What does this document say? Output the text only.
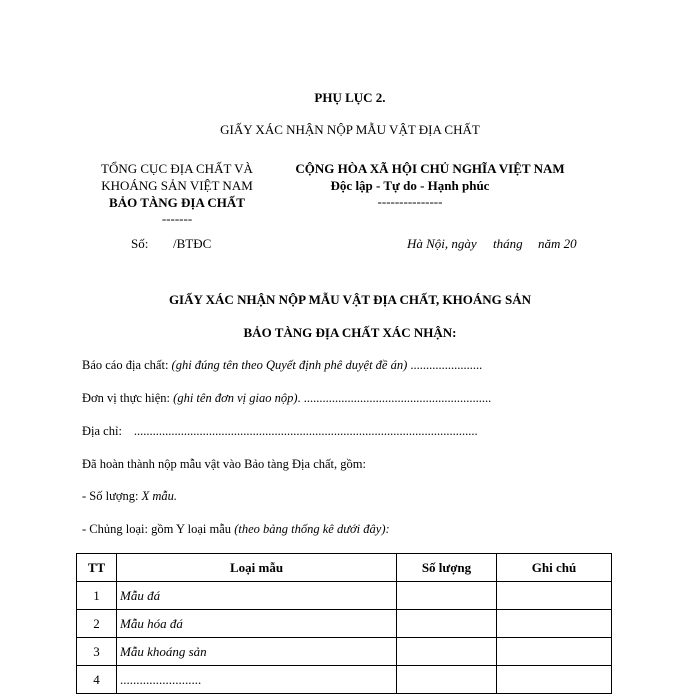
PHỤ LỤC 2.
GIẤY XÁC NHẬN NỘP MẪU VẬT ĐỊA CHẤT
TỔNG CỤC ĐỊA CHẤT VÀ
KHOÁNG SẢN VIỆT NAM
BẢO TÀNG ĐỊA CHẤT
-------
Số: /BTĐC
CỘNG HÒA XÃ HỘI CHỦ NGHĨA VIỆT NAM
Độc lập - Tự do - Hạnh phúc
---------------
Hà Nội, ngày tháng năm 20
GIẤY XÁC NHẬN NỘP MẪU VẬT ĐỊA CHẤT, KHOÁNG SẢN
BẢO TÀNG ĐỊA CHẤT XÁC NHẬN:
Báo cáo địa chất: (ghi đúng tên theo Quyết định phê duyệt đề án) .......................
Đơn vị thực hiện: (ghi tên đơn vị giao nộp). ............................................................
Địa chỉ: ..............................................................................................................
Đã hoàn thành nộp mẫu vật vào Bảo tàng Địa chất, gồm:
- Số lượng: X mẫu.
- Chủng loại: gồm Y loại mẫu (theo bảng thống kê dưới đây):
TT	Loại mẫu	Số lượng	Ghi chú
1	Mẫu đá		
2	Mẫu hóa đá		
3	Mẫu khoáng sản		
4	.........................		
